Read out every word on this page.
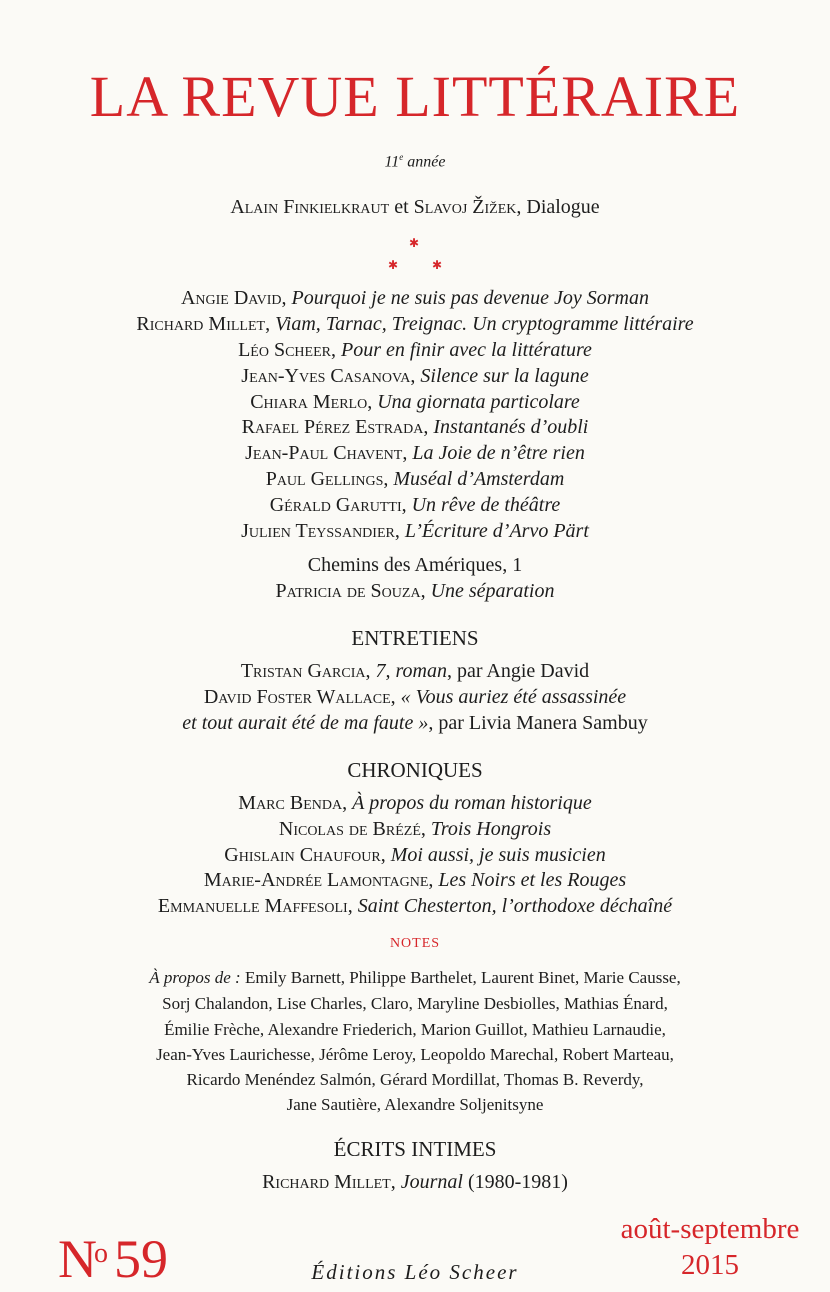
LA REVUE LITTÉRAIRE
11e année
Alain Finkielkraut et Slavoj Žižek, Dialogue
✱
✱	✱
Angie David, Pourquoi je ne suis pas devenue Joy Sorman
Richard Millet, Viam, Tarnac, Treignac. Un cryptogramme littéraire
Léo Scheer, Pour en finir avec la littérature
Jean-Yves Casanova, Silence sur la lagune
Chiara Merlo, Una giornata particolare
Rafael Pérez Estrada, Instantanés d’oubli
Jean-Paul Chavent, La Joie de n’être rien
Paul Gellings, Muséal d’Amsterdam
Gérald Garutti, Un rêve de théâtre
Julien Teyssandier, L’Écriture d’Arvo Pärt
Chemins des Amériques, 1
Patricia de Souza, Une séparation
ENTRETIENS
Tristan Garcia, 7, roman, par Angie David
David Foster Wallace, « Vous auriez été assassinée
et tout aurait été de ma faute », par Livia Manera Sambuy
CHRONIQUES
Marc Benda, À propos du roman historique
Nicolas de Brézé, Trois Hongrois
Ghislain Chaufour, Moi aussi, je suis musicien
Marie-Andrée Lamontagne, Les Noirs et les Rouges
Emmanuelle Maffesoli, Saint Chesterton, l’orthodoxe déchaîné
NOTES
À propos de : Emily Barnett, Philippe Barthelet, Laurent Binet, Marie Causse,
Sorj Chalandon, Lise Charles, Claro, Maryline Desbiolles, Mathias Énard,
Émilie Frèche, Alexandre Friederich, Marion Guillot, Mathieu Larnaudie,
Jean-Yves Laurichesse, Jérôme Leroy, Leopoldo Marechal, Robert Marteau,
Ricardo Menéndez Salmón, Gérard Mordillat, Thomas B. Reverdy,
Jane Sautière, Alexandre Soljenitsyne
ÉCRITS INTIMES
Richard Millet, Journal (1980-1981)
$N^o$ 59	Éditions Léo Scheer
août-septembre
2015
